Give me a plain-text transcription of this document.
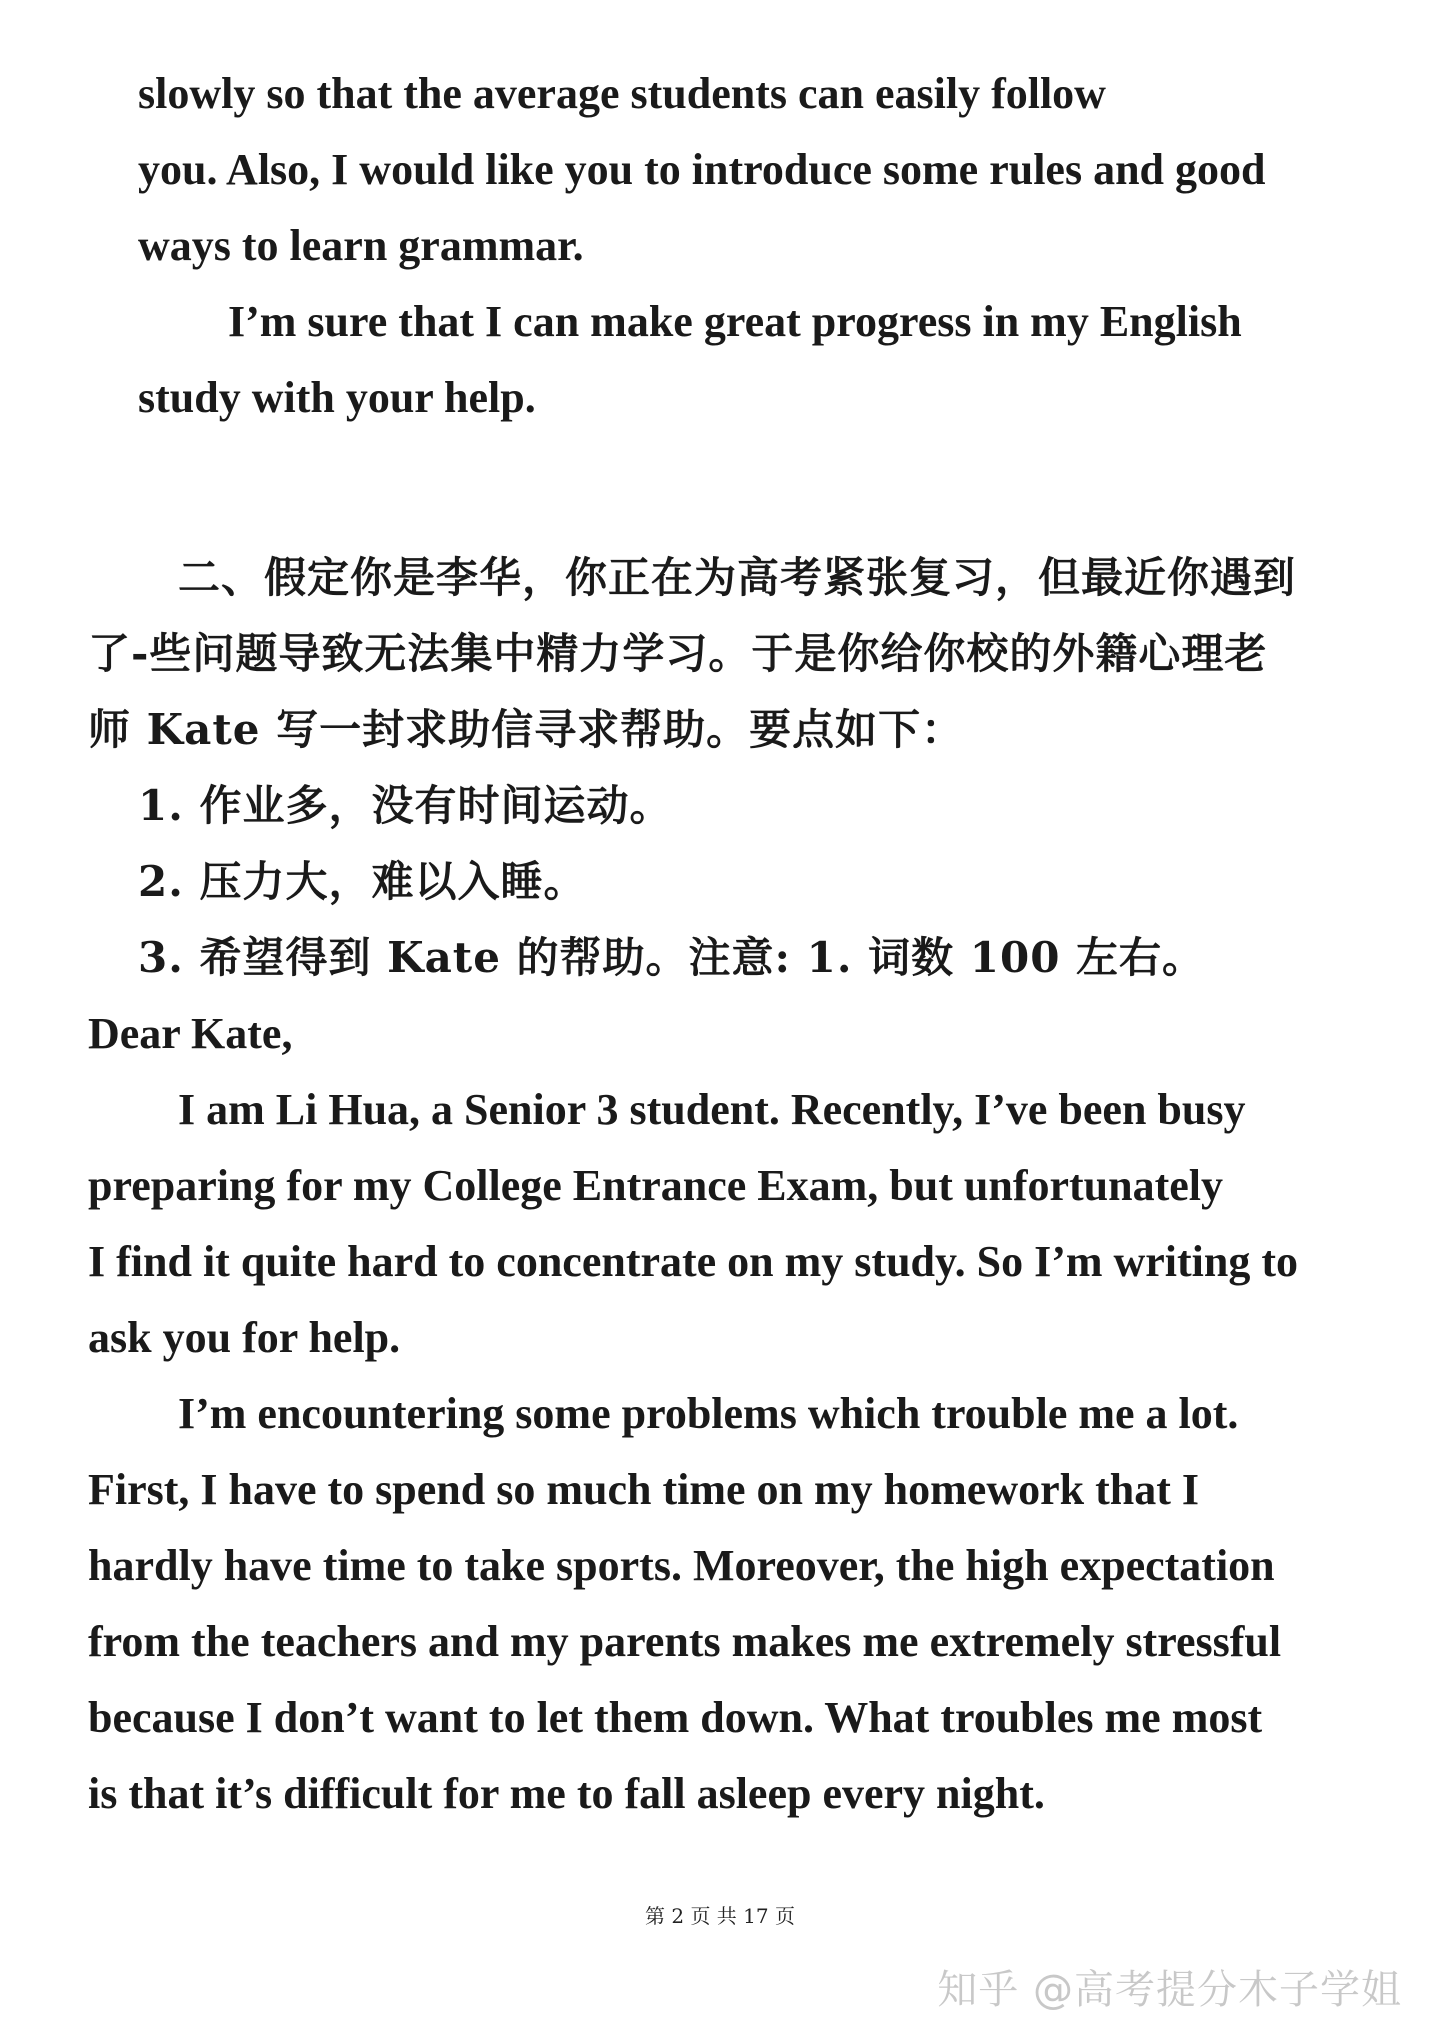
slowly so that the average students can easily follow
you. Also, I would like you to introduce some rules and good
ways to learn grammar.
I’m sure that I can make great progress in my English
study with your help.
二、假定你是李华，你正在为高考紧张复习，但最近你遇到
了-些问题导致无法集中精力学习。于是你给你校的外籍心理老
师 Kate 写一封求助信寻求帮助。要点如下：
1. 作业多，没有时间运动。
2. 压力大，难以入睡。
3. 希望得到 Kate 的帮助。注意: 1. 词数 100 左右。
Dear Kate,
I am Li Hua, a Senior 3 student. Recently, I’ve been busy
preparing for my College Entrance Exam, but unfortunately
I find it quite hard to concentrate on my study. So I’m writing to
ask you for help.
I’m encountering some problems which trouble me a lot.
First, I have to spend so much time on my homework that I
hardly have time to take sports. Moreover, the high expectation
from the teachers and my parents makes me extremely stressful
because I don’t want to let them down. What troubles me most
is that it’s difficult for me to fall asleep every night.
第 2 页 共 17 页
知乎 @高考提分木子学姐
